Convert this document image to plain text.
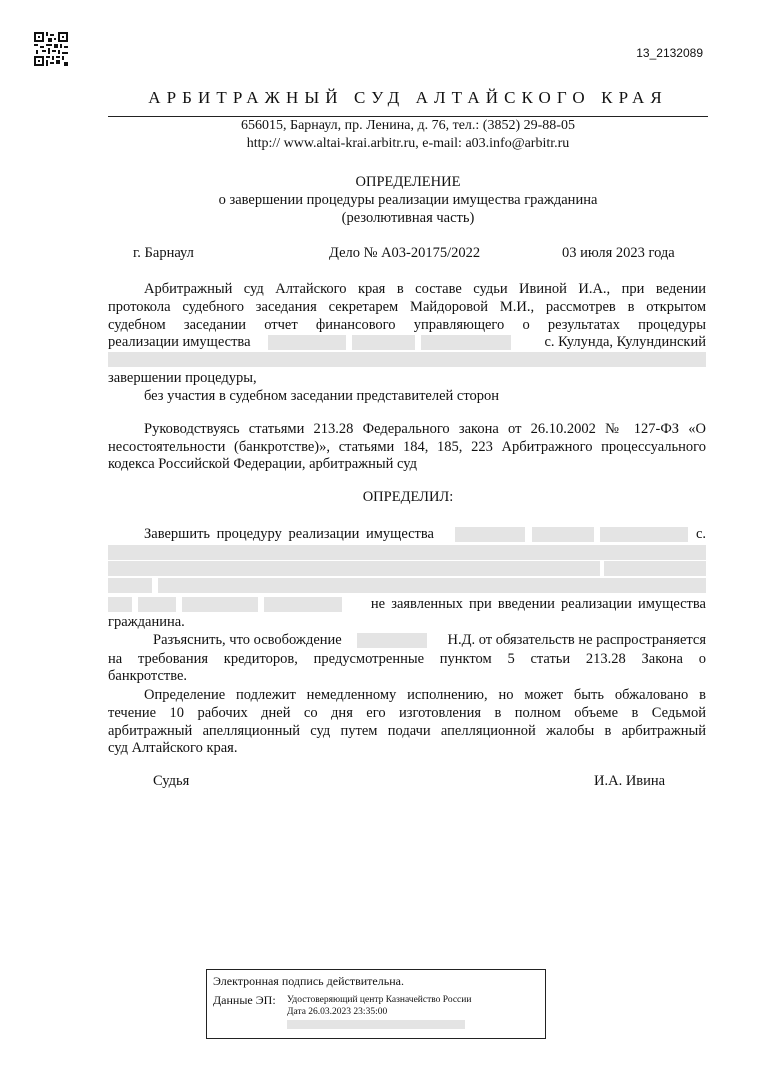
13_2132089
АРБИТРАЖНЫЙ СУД АЛТАЙСКОГО КРАЯ
656015, Барнаул, пр. Ленина, д. 76, тел.: (3852) 29-88-05
http:// www.altai-krai.arbitr.ru, e-mail: a03.info@arbitr.ru
ОПРЕДЕЛЕНИЕ
о завершении процедуры реализации имущества гражданина
(резолютивная часть)
г. Барнаул	Дело № А03-20175/2022	03 июля 2023 года
Арбитражный суд Алтайского края в составе судьи Ивиной И.А., при ведении
протокола судебного заседания секретарем Майдоровой М.И., рассмотрев в открытом
судебном заседании отчет финансового управляющего о результатах процедуры
реализации имущества	с. Кулунда, Кулундинский
завершении процедуры,
без участия в судебном заседании представителей сторон
Руководствуясь статьями 213.28 Федерального закона от 26.10.2002 № 127-ФЗ «О
несостоятельности (банкротстве)», статьями 184, 185, 223 Арбитражного процессуального
кодекса Российской Федерации, арбитражный суд
ОПРЕДЕЛИЛ:
Завершить процедуру реализации имущества	с.
не заявленных при введении реализации имущества
гражданина.
Разъяснить, что освобождение	Н.Д. от обязательств не распространяется
на требования кредиторов, предусмотренные пунктом 5 статьи 213.28 Закона о
банкротстве.
Определение подлежит немедленному исполнению, но может быть обжаловано в
течение 10 рабочих дней со дня его изготовления в полном объеме в Седьмой
арбитражный апелляционный суд путем подачи апелляционной жалобы в арбитражный
суд Алтайского края.
Судья	И.А. Ивина
Электронная подпись действительна.
Данные ЭП: Удостоверяющий центр Казначейство России
Дата 26.03.2023 23:35:00
